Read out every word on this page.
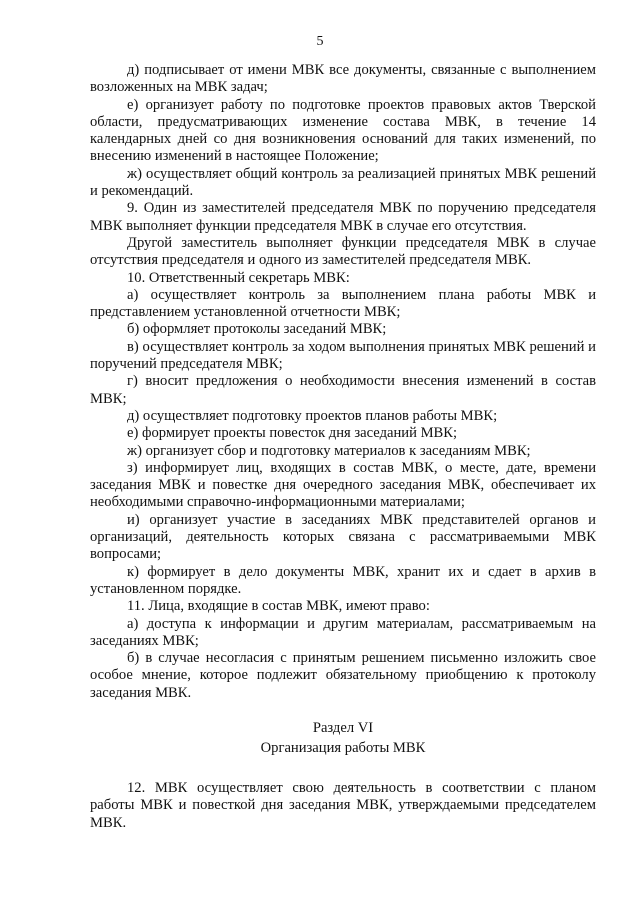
5

д) подписывает от имени МВК все документы, связанные с выполнением возложенных на МВК задач;

е) организует работу по подготовке проектов правовых актов Тверской области, предусматривающих изменение состава МВК, в течение 14 календарных дней со дня возникновения оснований для таких изменений, по внесению изменений в настоящее Положение;

ж) осуществляет общий контроль за реализацией принятых МВК решений и рекомендаций.

9. Один из заместителей председателя МВК по поручению председателя МВК выполняет функции председателя МВК в случае его отсутствия.

Другой заместитель выполняет функции председателя МВК в случае отсутствия председателя и одного из заместителей председателя МВК.

10. Ответственный секретарь МВК:

а) осуществляет контроль за выполнением плана работы МВК и представлением установленной отчетности МВК;

б) оформляет протоколы заседаний МВК;

в) осуществляет контроль за ходом выполнения принятых МВК решений и поручений председателя МВК;

г) вносит предложения о необходимости внесения изменений в состав МВК;

д) осуществляет подготовку проектов планов работы МВК;

е) формирует проекты повесток дня заседаний МВК;

ж) организует сбор и подготовку материалов к заседаниям МВК;

з) информирует лиц, входящих в состав МВК, о месте, дате, времени заседания МВК и повестке дня очередного заседания МВК, обеспечивает их необходимыми справочно-информационными материалами;

и) организует участие в заседаниях МВК представителей органов и организаций, деятельность которых связана с рассматриваемыми МВК вопросами;

к) формирует в дело документы МВК, хранит их и сдает в архив в установленном порядке.

11. Лица, входящие в состав МВК, имеют право:

а) доступа к информации и другим материалам, рассматриваемым на заседаниях МВК;

б) в случае несогласия с принятым решением письменно изложить свое особое мнение, которое подлежит обязательному приобщению к протоколу заседания МВК.

Раздел VI
Организация работы МВК

12. МВК осуществляет свою деятельность в соответствии с планом работы МВК и повесткой дня заседания МВК, утверждаемыми председателем МВК.
